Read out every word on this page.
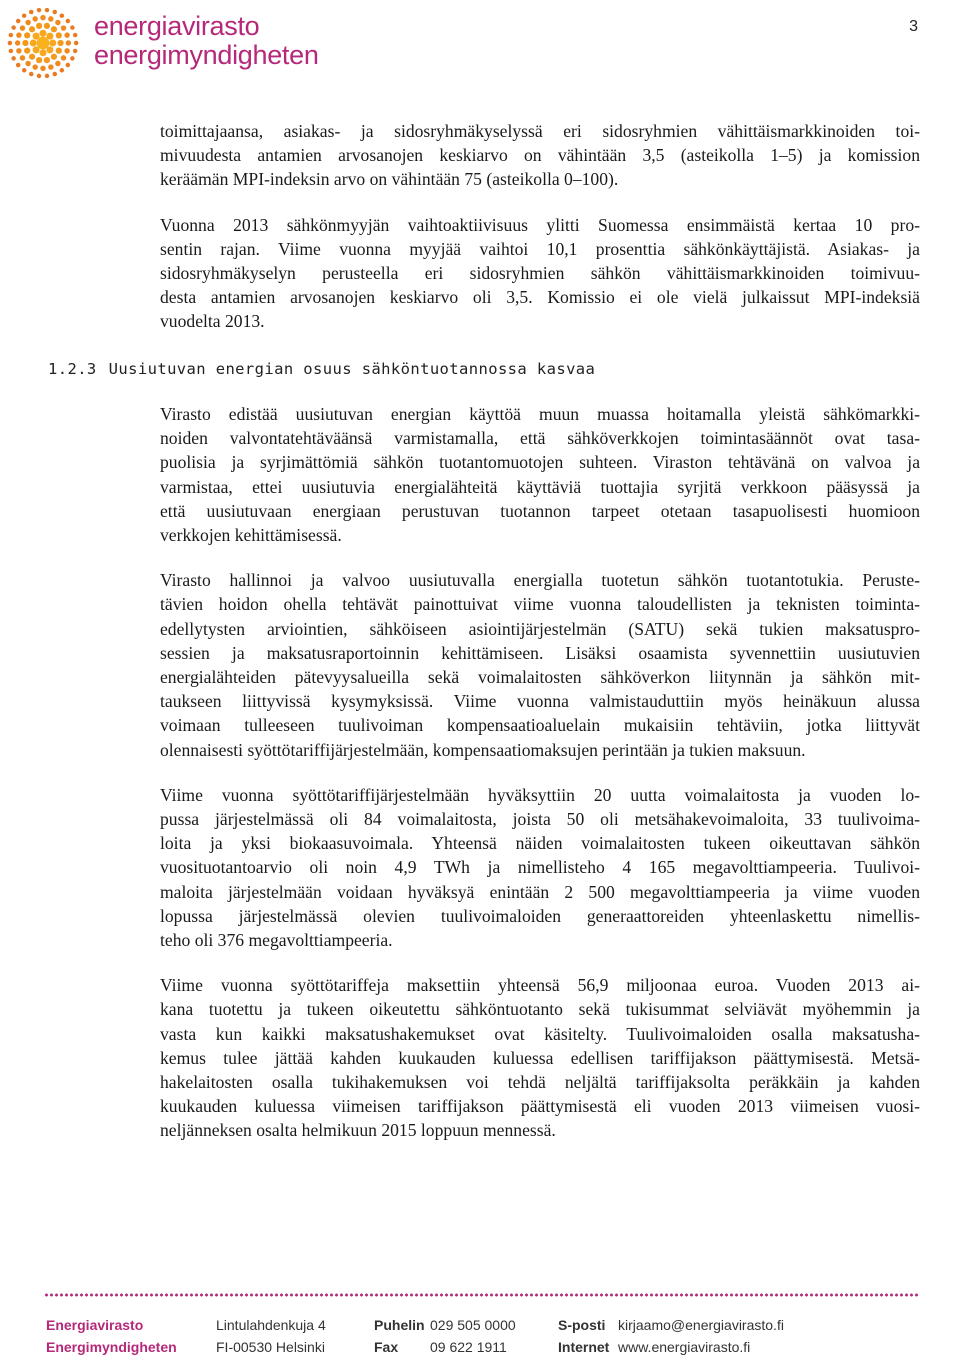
energiavirasto
energimyndigheten
3
toimittajaansa, asiakas- ja sidosryhmäkyselyssä eri sidosryhmien vähittäismarkkinoiden toi-
mivuudesta antamien arvosanojen keskiarvo on vähintään 3,5 (asteikolla 1–5) ja komission
keräämän MPI-indeksin arvo on vähintään 75 (asteikolla 0–100).
Vuonna 2013 sähkönmyyjän vaihtoaktiivisuus ylitti Suomessa ensimmäistä kertaa 10 pro-
sentin rajan. Viime vuonna myyjää vaihtoi 10,1 prosenttia sähkönkäyttäjistä. Asiakas- ja
sidosryhmäkyselyn perusteella eri sidosryhmien sähkön vähittäismarkkinoiden toimivuu-
desta antamien arvosanojen keskiarvo oli 3,5. Komissio ei ole vielä julkaissut MPI-indeksiä
vuodelta 2013.
1.2.3 Uusiutuvan energian osuus sähköntuotannossa kasvaa
Virasto edistää uusiutuvan energian käyttöä muun muassa hoitamalla yleistä sähkömarkki-
noiden valvontatehtäväänsä varmistamalla, että sähköverkkojen toimintasäännöt ovat tasa-
puolisia ja syrjimättömiä sähkön tuotantomuotojen suhteen. Viraston tehtävänä on valvoa ja
varmistaa, ettei uusiutuvia energialähteitä käyttäviä tuottajia syrjitä verkkoon pääsyssä ja
että uusiutuvaan energiaan perustuvan tuotannon tarpeet otetaan tasapuolisesti huomioon
verkkojen kehittämisessä.
Virasto hallinnoi ja valvoo uusiutuvalla energialla tuotetun sähkön tuotantotukia. Peruste-
tävien hoidon ohella tehtävät painottuivat viime vuonna taloudellisten ja teknisten toiminta-
edellytysten arviointien, sähköiseen asiointijärjestelmän (SATU) sekä tukien maksatuspro-
sessien ja maksatusraportoinnin kehittämiseen. Lisäksi osaamista syvennettiin uusiutuvien
energialähteiden pätevyysalueilla sekä voimalaitosten sähköverkon liitynnän ja sähkön mit-
taukseen liittyvissä kysymyksissä. Viime vuonna valmistauduttiin myös heinäkuun alussa
voimaan tulleeseen tuulivoiman kompensaatioaluelain mukaisiin tehtäviin, jotka liittyvät
olennaisesti syöttötariffijärjestelmään, kompensaatiomaksujen perintään ja tukien maksuun.
Viime vuonna syöttötariffijärjestelmään hyväksyttiin 20 uutta voimalaitosta ja vuoden lo-
pussa järjestelmässä oli 84 voimalaitosta, joista 50 oli metsähakevoimaloita, 33 tuulivoima-
loita ja yksi biokaasuvoimala. Yhteensä näiden voimalaitosten tukeen oikeuttavan sähkön
vuosituotantoarvio oli noin 4,9 TWh ja nimellisteho 4 165 megavolttiampeeria. Tuulivoi-
maloita järjestelmään voidaan hyväksyä enintään 2 500 megavolttiampeeria ja viime vuoden
lopussa järjestelmässä olevien tuulivoimaloiden generaattoreiden yhteenlaskettu nimellis-
teho oli 376 megavolttiampeeria.
Viime vuonna syöttötariffeja maksettiin yhteensä 56,9 miljoonaa euroa. Vuoden 2013 ai-
kana tuotettu ja tukeen oikeutettu sähköntuotanto sekä tukisummat selviävät myöhemmin ja
vasta kun kaikki maksatushakemukset ovat käsitelty. Tuulivoimaloiden osalla maksatusha-
kemus tulee jättää kahden kuukauden kuluessa edellisen tariffijakson päättymisestä. Metsä-
hakelaitosten osalla tukihakemuksen voi tehdä neljältä tariffijaksolta peräkkäin ja kahden
kuukauden kuluessa viimeisen tariffijakson päättymisestä eli vuoden 2013 viimeisen vuosi-
neljänneksen osalta helmikuun 2015 loppuun mennessä.
Energiavirasto
Energimyndigheten
Lintulahdenkuja 4
FI-00530 Helsinki
Puhelin 029 505 0000
Fax 09 622 1911
S-posti kirjaamo@energiavirasto.fi
Internet www.energiavirasto.fi
